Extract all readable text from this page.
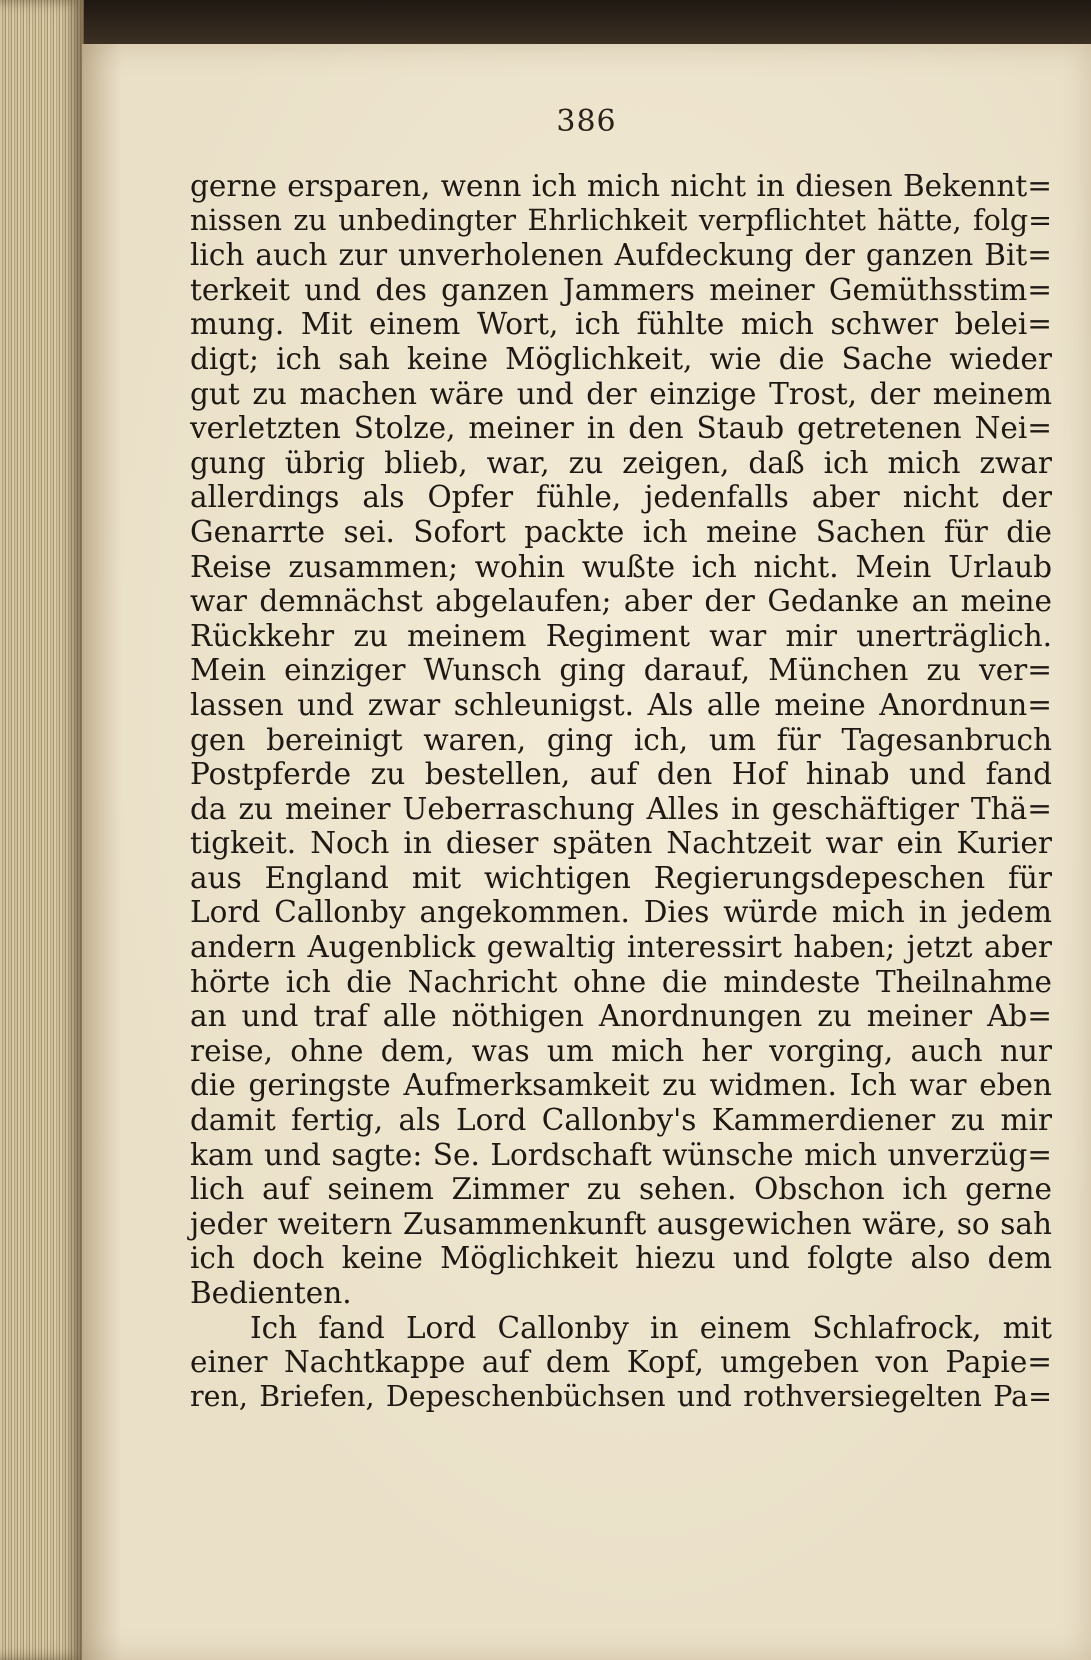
386
gerne ersparen, wenn ich mich nicht in diesen Bekennt=
nissen zu unbedingter Ehrlichkeit verpflichtet hätte, folg=
lich auch zur unverholenen Aufdeckung der ganzen Bit=
terkeit und des ganzen Jammers meiner Gemüthsstim=
mung. Mit einem Wort, ich fühlte mich schwer belei=
digt; ich sah keine Möglichkeit, wie die Sache wieder
gut zu machen wäre und der einzige Trost, der meinem
verletzten Stolze, meiner in den Staub getretenen Nei=
gung übrig blieb, war, zu zeigen, daß ich mich zwar
allerdings als Opfer fühle, jedenfalls aber nicht der
Genarrte sei. Sofort packte ich meine Sachen für die
Reise zusammen; wohin wußte ich nicht. Mein Urlaub
war demnächst abgelaufen; aber der Gedanke an meine
Rückkehr zu meinem Regiment war mir unerträglich.
Mein einziger Wunsch ging darauf, München zu ver=
lassen und zwar schleunigst. Als alle meine Anordnun=
gen bereinigt waren, ging ich, um für Tagesanbruch
Postpferde zu bestellen, auf den Hof hinab und fand
da zu meiner Ueberraschung Alles in geschäftiger Thä=
tigkeit. Noch in dieser späten Nachtzeit war ein Kurier
aus England mit wichtigen Regierungsdepeschen für
Lord Callonby angekommen. Dies würde mich in jedem
andern Augenblick gewaltig interessirt haben; jetzt aber
hörte ich die Nachricht ohne die mindeste Theilnahme
an und traf alle nöthigen Anordnungen zu meiner Ab=
reise, ohne dem, was um mich her vorging, auch nur
die geringste Aufmerksamkeit zu widmen. Ich war eben
damit fertig, als Lord Callonby's Kammerdiener zu mir
kam und sagte: Se. Lordschaft wünsche mich unverzüg=
lich auf seinem Zimmer zu sehen. Obschon ich gerne
jeder weitern Zusammenkunft ausgewichen wäre, so sah
ich doch keine Möglichkeit hiezu und folgte also dem
Bedienten.
Ich fand Lord Callonby in einem Schlafrock, mit
einer Nachtkappe auf dem Kopf, umgeben von Papie=
ren, Briefen, Depeschenbüchsen und rothversiegelten Pa=
